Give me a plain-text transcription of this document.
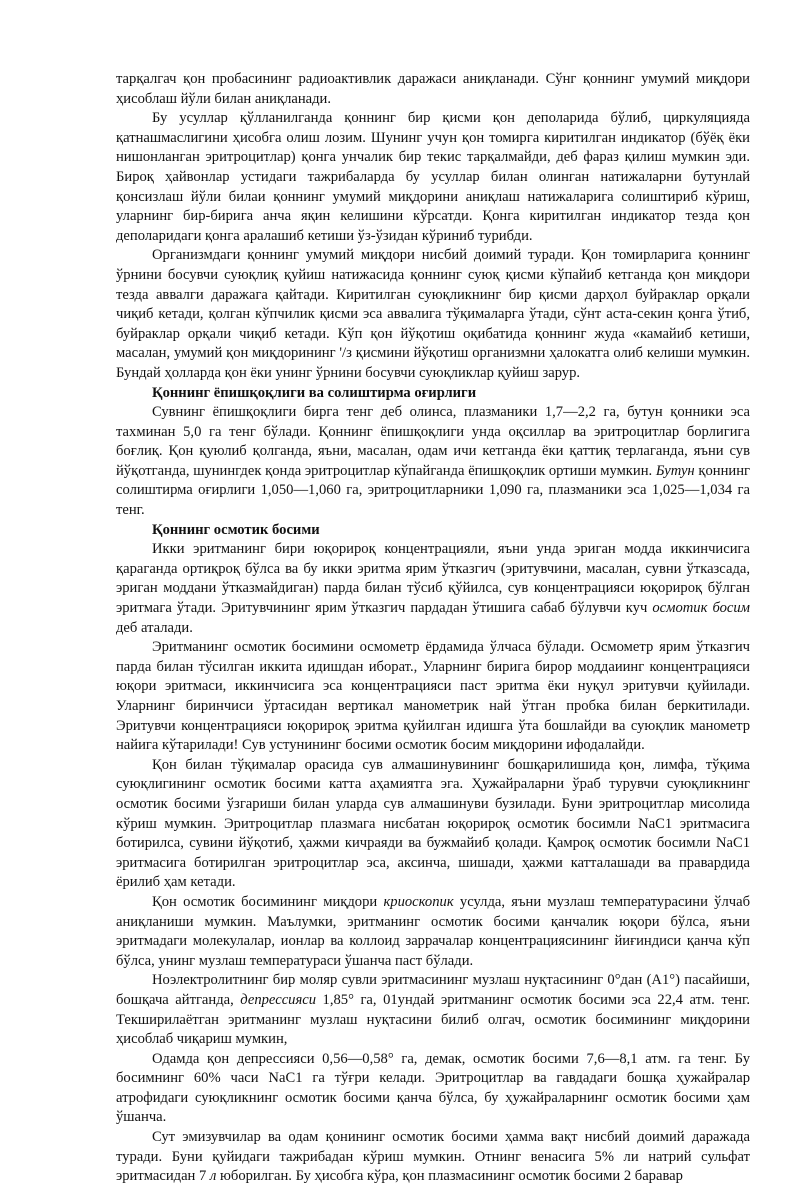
тарқалгач қон пробасининг радиоактивлик даражаси аниқланади. Сўнг қоннинг умумий миқдори ҳисоблаш йўли билан аниқланади.

Бу усуллар қўлланилганда қоннинг бир қисми қон деполарида бўлиб, циркуляцияда қатнашмаслигини ҳисобга олиш лозим. Шунинг учун қон томирга киритилган индикатор (бўёқ ёки нишонланган эритроцитлар) қонга унчалик бир текис тарқалмайди, деб фараз қилиш мумкин эди. Бироқ ҳайвонлар устидаги тажрибаларда бу усуллар билан олинган натижаларни бутунлай қонсизлаш йўли билаи қоннинг умумий миқдорини аниқлаш натижаларига солиштириб кўриш, уларнинг бир-бирига анча яқин келишини кўрсатди. Қонга киритилган индикатор тезда қон деполаридаги қонга аралашиб кетиши ўз-ўзидан кўриниб турибди.

Организмдаги қоннинг умумий миқдори нисбий доимий туради. Қон томирларига қоннинг ўрнини босувчи суюқлиқ қуйиш натижасида қоннинг суюқ қисми кўпайиб кетганда қон миқдори тезда аввалги даражага қайтади. Киритилган суюқликнинг бир қисми дарҳол буйраклар орқали чиқиб кетади, қолган кўпчилик қисми эса аввалига тўқималарга ўтади, сўнт аста-секин қонга ўтиб, буйраклар орқали чиқиб кетади. Кўп қон йўқотиш оқибатида қоннинг жуда «камайиб кетиши, масалан, умумий қон миқдорининг '/з қисмини йўқотиш организмни ҳалокатга олиб келиши мумкин. Бундай ҳолларда қон ёки унинг ўрнини босувчи суюқликлар қуйиш зарур.

Қоннинг ёпишқоқлиги ва солиштирма оғирлиги

Сувнинг ёпишқоқлиги бирга тенг деб олинса, плазманики 1,7—2,2 га, бутун қонники эса тахминан 5,0 га тенг бўлади. Қоннинг ёпишқоқлиги унда оқсиллар ва эритроцитлар борлигига боғлиқ. Қон қуюлиб қолганда, яъни, масалан, одам ичи кетганда ёки қаттиқ терлаганда, яъни сув йўқотганда, шунингдек қонда эритроцитлар кўпайганда ёпишқоқлик ортиши мумкин. Бутун қоннинг солиштирма оғирлиги 1,050—1,060 га, эритроцитларники 1,090 га, плазманики эса 1,025—1,034 га тенг.

Қоннинг осмотик босими

Икки эритманинг бири юқорироқ концентрацияли, яъни унда эриган модда иккинчисига қараганда ортиқроқ бўлса ва бу икки эритма ярим ўтказгич (эритувчини, масалан, сувни ўтказсада, эриган моддани ўтказмайдиган) парда билан тўсиб қўйилса, сув концентрацияси юқорироқ бўлган эритмага ўтади. Эритувчининг ярим ўтказгич пардадан ўтишига сабаб бўлувчи куч осмотик босим деб аталади.

Эритманинг осмотик босимини осмометр ёрдамида ўлчаса бўлади. Осмометр ярим ўтказгич парда билан тўсилган иккита идишдан иборат., Уларнинг бирига бироp моддаиинг концентрацияси юқори эритмаси, иккинчисига эса концентрацияси паст эритма ёки нуқул эритувчи қуйилади. Уларнинг биринчиси ўртасидан вертикал манометрик най ўтган пробка билан беркитилади. Эритувчи концентрацияси юқорироқ эритма қуйилган идишга ўта бошлайди ва суюқлик манометр найига кўтарилади! Сув устунининг босими осмотик босим миқдорини ифодалайди.

Қон билан тўқималар орасида сув алмашинувининг бошқарилишида қон, лимфа, тўқима суюқлигининг осмотик босими катта аҳамиятга эга. Ҳужайраларни ўраб турувчи суюқликнинг осмотик босими ўзгариши билан уларда сув алмашинуви бузилади. Буни эритроцитлар мисолида кўриш мумкин. Эритроцитлар плазмага нисбатан юқорироқ осмотик босимли NaC1 эритмасига ботирилса, сувини йўқотиб, ҳажми кичраяди ва бужмайиб қолади. Қамроқ осмотик босимли NaC1 эритмасига ботирилган эритроцитлар эса, аксинча, шишади, ҳажми катталашади ва правардида ёрилиб ҳам кетади.

Қон осмотик босимининг миқдори криоскопик усулда, яъни музлаш температурасини ўлчаб аниқланиши мумкин. Маълумки, эритманинг осмотик босими қанчалик юқори бўлса, яъни эритмадаги молекулалар, ионлар ва коллоид заррачалар концентрациясининг йиғиндиси қанча кўп бўлса, унинг музлаш температураси ўшанча паст бўлади.

Ноэлектролитнинг бир моляр сувли эритмасининг музлаш нуқтасининг 0°дан (А1°) пасайиши, бошқача айтганда, депрессияси 1,85° га, 01ундай эритманинг осмотик босими эса 22,4 атм. тенг. Текширилаётган эритманинг музлаш нуқтасини билиб олгач, осмотик босимининг миқдорини ҳисоблаб чиқариш мумкин,

Одамда қон депрессияси 0,56—0,58° га, демак, осмотик босими 7,6—8,1 атм. га тенг. Бу босимнинг 60% часи NaC1 га тўғри келади. Эритроцитлар ва гавдадаги бошқа ҳужайралар атрофидаги суюқликнинг осмотик босими қанча бўлса, бу ҳужайраларнинг осмотик босими ҳам ўшанча.

Сут эмизувчилар ва одам қонининг осмотик босими ҳамма вақт нисбий доимий даражада туради. Буни қуйидаги тажрибадан кўриш мумкин. Отнинг венасига 5% ли натрий сульфат эритмасидан 7 л юборилган. Бу ҳисобга кўра, қон плазмасининг осмотик босими 2 баравар
